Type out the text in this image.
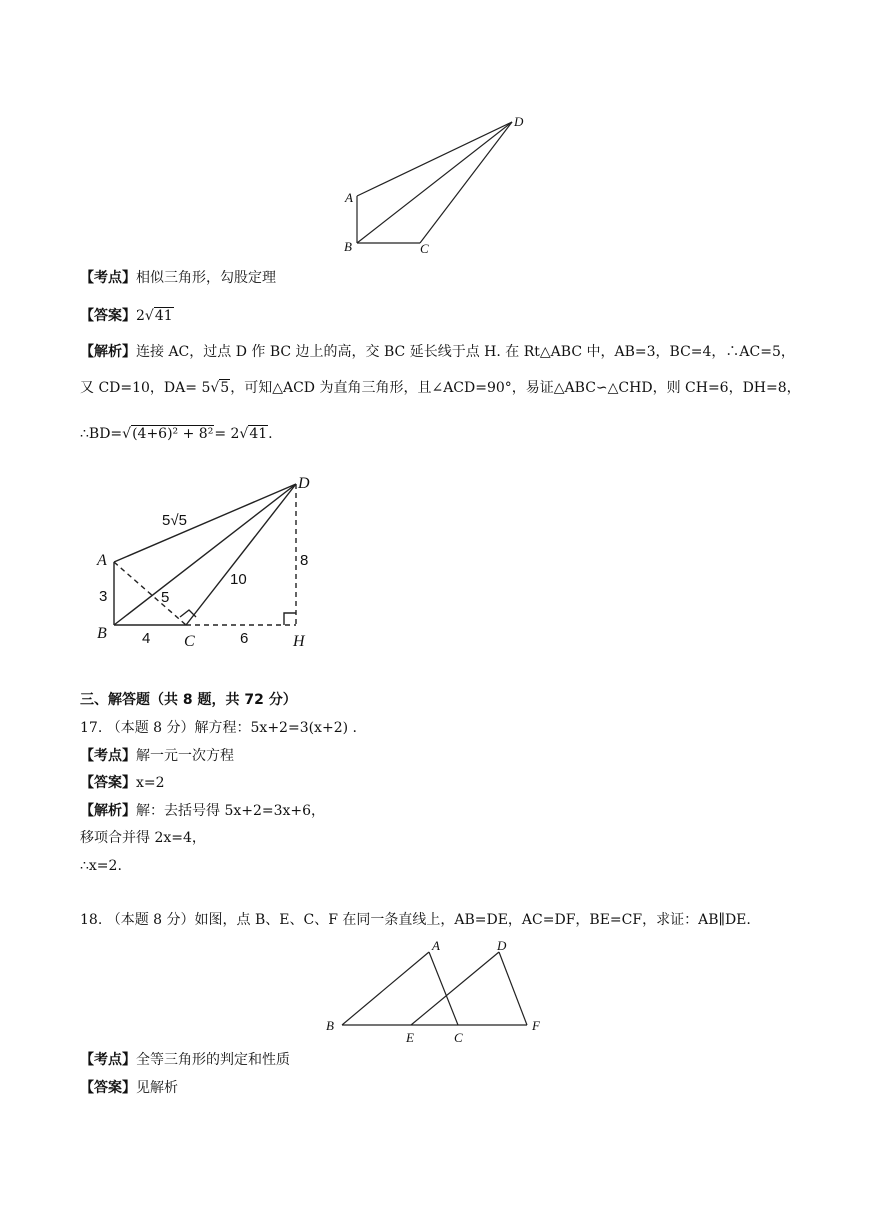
A
B	C
D
A
B	C
D
H
5√5
3	5
10
8
4	6
A
B
C
D
E
F
【考点】相似三角形，勾股定理
【答案】2√41
【解析】连接 AC，过点 D 作 BC 边上的高，交 BC 延长线于点 H. 在 Rt△ABC 中，AB=3，BC=4，∴AC=5，
又 CD=10，DA= 5√5，可知△ACD 为直角三角形，且∠ACD=90°，易证△ABC∽△CHD，则 CH=6，DH=8，
∴BD=√(4+6)² + 8²= 2√41.
三、解答题（共 8 题，共 72 分）
17. （本题 8 分）解方程：5x+2=3(x+2) .
【考点】解一元一次方程
【答案】x=2
【解析】解：去括号得 5x+2=3x+6，
移项合并得 2x=4，
∴x=2.
18. （本题 8 分）如图，点 B、E、C、F 在同一条直线上，AB=DE，AC=DF，BE=CF，求证：AB∥DE.
【考点】全等三角形的判定和性质
【答案】见解析
